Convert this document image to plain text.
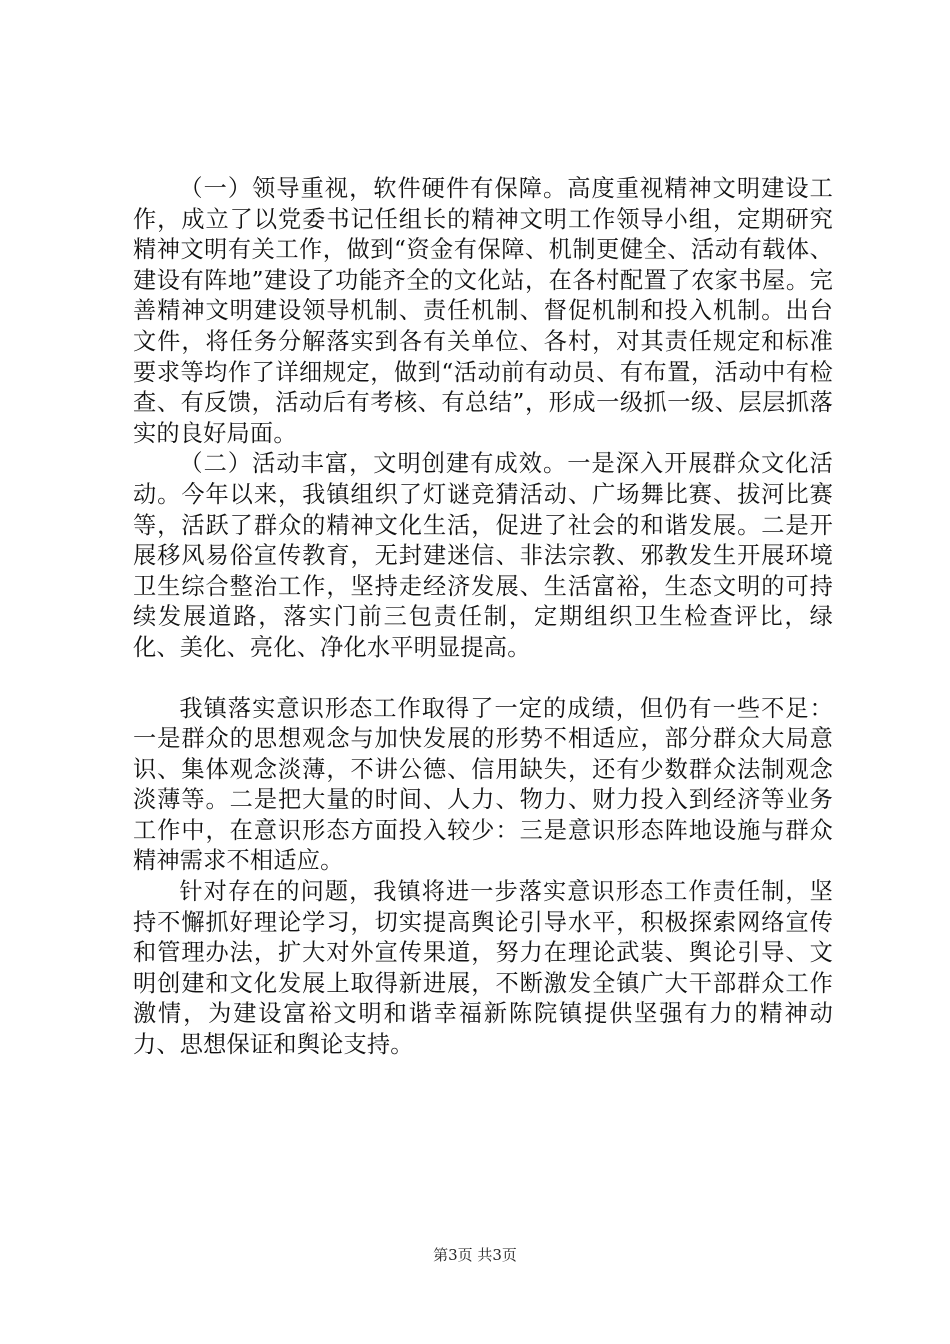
（一）领导重视，软件硬件有保障。高度重视精神文明建设工作，成立了以党委书记任组长的精神文明工作领导小组，定期研究精神文明有关工作，做到“资金有保障、机制更健全、活动有载体、建设有阵地”建设了功能齐全的文化站，在各村配置了农家书屋。完善精神文明建设领导机制、责任机制、督促机制和投入机制。出台文件，将任务分解落实到各有关单位、各村，对其责任规定和标准要求等均作了详细规定，做到“活动前有动员、有布置，活动中有检查、有反馈，活动后有考核、有总结”，形成一级抓一级、层层抓落实的良好局面。

（二）活动丰富，文明创建有成效。一是深入开展群众文化活动。今年以来，我镇组织了灯谜竞猜活动、广场舞比赛、拔河比赛等，活跃了群众的精神文化生活，促进了社会的和谐发展。二是开展移风易俗宣传教育，无封建迷信、非法宗教、邪教发生开展环境卫生综合整治工作，坚持走经济发展、生活富裕，生态文明的可持续发展道路，落实门前三包责任制，定期组织卫生检查评比，绿化、美化、亮化、净化水平明显提高。

我镇落实意识形态工作取得了一定的成绩，但仍有一些不足：一是群众的思想观念与加快发展的形势不相适应，部分群众大局意识、集体观念淡薄，不讲公德、信用缺失，还有少数群众法制观念淡薄等。二是把大量的时间、人力、物力、财力投入到经济等业务工作中，在意识形态方面投入较少：三是意识形态阵地设施与群众精神需求不相适应。

针对存在的问题，我镇将进一步落实意识形态工作责任制，坚持不懈抓好理论学习，切实提高舆论引导水平，积极探索网络宣传和管理办法，扩大对外宣传果道，努力在理论武装、舆论引导、文明创建和文化发展上取得新进展，不断激发全镇广大干部群众工作激情，为建设富裕文明和谐幸福新陈院镇提供坚强有力的精神动力、思想保证和舆论支持。

第3页 共3页
